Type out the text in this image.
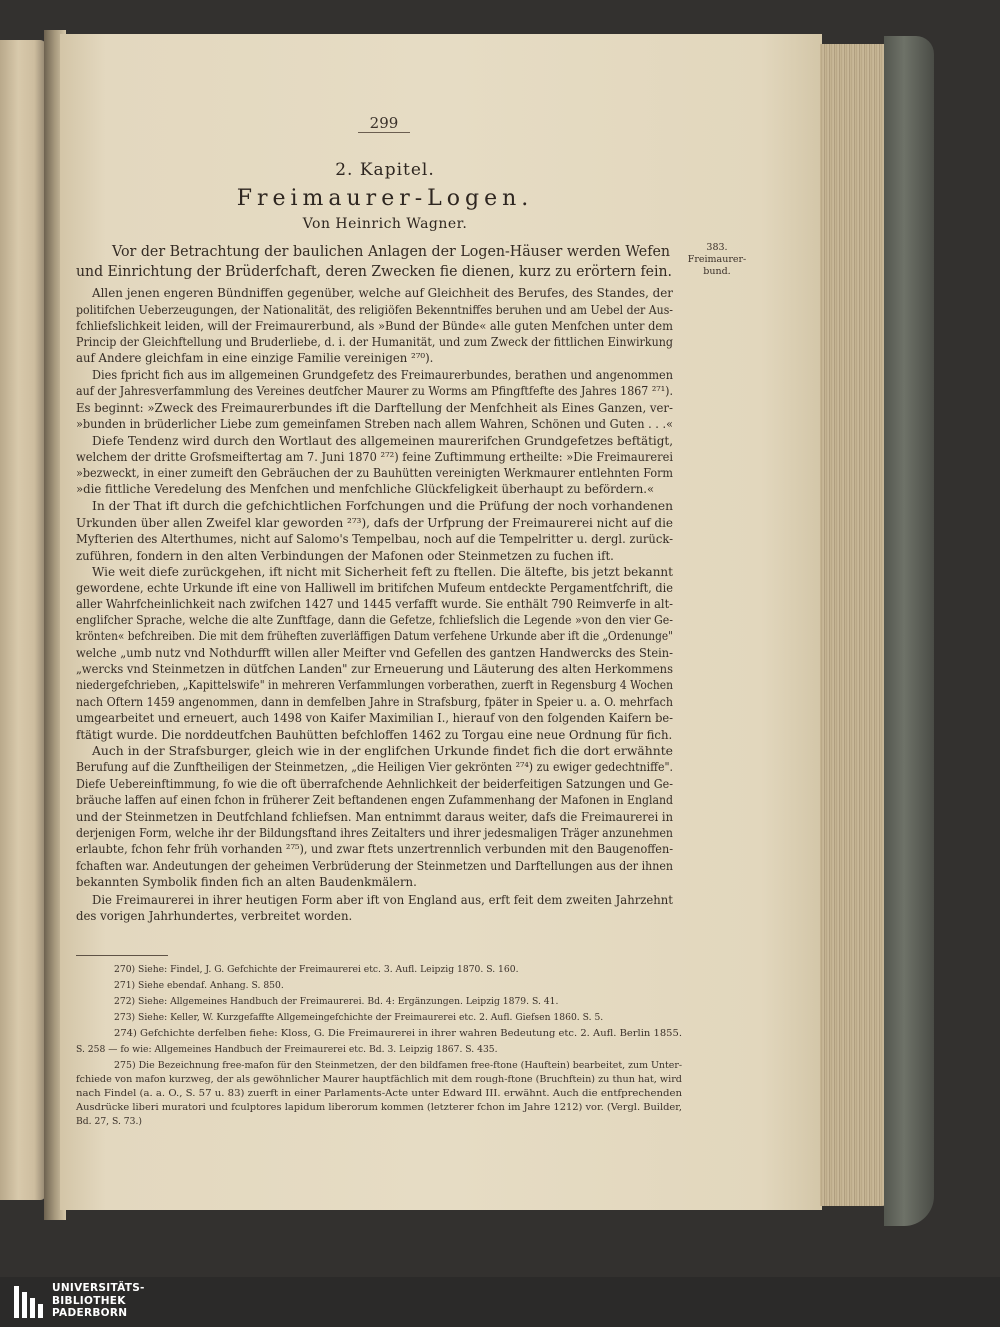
299
2. Kapitel.
Freimaurer-Logen.
Von Heinrich Wagner.
383.
Freimaurer-
bund.
Vor der Betrachtung der baulichen Anlagen der Logen-Häuser werden Wefen
und Einrichtung der Brüderfchaft, deren Zwecken fie dienen, kurz zu erörtern fein.
Allen jenen engeren Bündniffen gegenüber, welche auf Gleichheit des Berufes, des Standes, der
politifchen Ueberzeugungen, der Nationalität, des religiöfen Bekenntniffes beruhen und am Uebel der Aus-
fchliefslichkeit leiden, will der Freimaurerbund, als »Bund der Bünde« alle guten Menfchen unter dem
Princip der Gleichftellung und Bruderliebe, d. i. der Humanität, und zum Zweck der fittlichen Einwirkung
auf Andere gleichfam in eine einzige Familie vereinigen ²⁷⁰).
Dies fpricht fich aus im allgemeinen Grundgefetz des Freimaurerbundes, berathen und angenommen
auf der Jahresverfammlung des Vereines deutfcher Maurer zu Worms am Pfingftfefte des Jahres 1867 ²⁷¹).
Es beginnt: »Zweck des Freimaurerbundes ift die Darftellung der Menfchheit als Eines Ganzen, ver-
»bunden in brüderlicher Liebe zum gemeinfamen Streben nach allem Wahren, Schönen und Guten . . .«
Diefe Tendenz wird durch den Wortlaut des allgemeinen maurerifchen Grundgefetzes beftätigt,
welchem der dritte Grofsmeiftertag am 7. Juni 1870 ²⁷²) feine Zuftimmung ertheilte: »Die Freimaurerei
»bezweckt, in einer zumeift den Gebräuchen der zu Bauhütten vereinigten Werkmaurer entlehnten Form
»die fittliche Veredelung des Menfchen und menfchliche Glückfeligkeit überhaupt zu befördern.«
In der That ift durch die gefchichtlichen Forfchungen und die Prüfung der noch vorhandenen
Urkunden über allen Zweifel klar geworden ²⁷³), dafs der Urfprung der Freimaurerei nicht auf die
Myfterien des Alterthumes, nicht auf Salomo's Tempelbau, noch auf die Tempelritter u. dergl. zurück-
zuführen, fondern in den alten Verbindungen der Mafonen oder Steinmetzen zu fuchen ift.
Wie weit diefe zurückgehen, ift nicht mit Sicherheit feft zu ftellen. Die ältefte, bis jetzt bekannt
gewordene, echte Urkunde ift eine von Halliwell im britifchen Mufeum entdeckte Pergamentfchrift, die
aller Wahrfcheinlichkeit nach zwifchen 1427 und 1445 verfafft wurde. Sie enthält 790 Reimverfe in alt-
englifcher Sprache, welche die alte Zunftfage, dann die Gefetze, fchliefslich die Legende »von den vier Ge-
krönten« befchreiben. Die mit dem früheften zuverläffigen Datum verfehene Urkunde aber ift die „Ordenunge"
welche „umb nutz vnd Nothdurfft willen aller Meifter vnd Gefellen des gantzen Handwercks des Stein-
„wercks vnd Steinmetzen in dütfchen Landen" zur Erneuerung und Läuterung des alten Herkommens
niedergefchrieben, „Kapittelswife" in mehreren Verfammlungen vorberathen, zuerft in Regensburg 4 Wochen
nach Oftern 1459 angenommen, dann in demfelben Jahre in Strafsburg, fpäter in Speier u. a. O. mehrfach
umgearbeitet und erneuert, auch 1498 von Kaifer Maximilian I., hierauf von den folgenden Kaifern be-
ftätigt wurde. Die norddeutfchen Bauhütten befchloffen 1462 zu Torgau eine neue Ordnung für fich.
Auch in der Strafsburger, gleich wie in der englifchen Urkunde findet fich die dort erwähnte
Berufung auf die Zunftheiligen der Steinmetzen, „die Heiligen Vier gekrönten ²⁷⁴) zu ewiger gedechtniffe".
Diefe Uebereinftimmung, fo wie die oft überrafchende Aehnlichkeit der beiderfeitigen Satzungen und Ge-
bräuche laffen auf einen fchon in früherer Zeit beftandenen engen Zufammenhang der Mafonen in England
und der Steinmetzen in Deutfchland fchliefsen. Man entnimmt daraus weiter, dafs die Freimaurerei in
derjenigen Form, welche ihr der Bildungsftand ihres Zeitalters und ihrer jedesmaligen Träger anzunehmen
erlaubte, fchon fehr früh vorhanden ²⁷⁵), und zwar ftets unzertrennlich verbunden mit den Baugenoffen-
fchaften war. Andeutungen der geheimen Verbrüderung der Steinmetzen und Darftellungen aus der ihnen
bekannten Symbolik finden fich an alten Baudenkmälern.
Die Freimaurerei in ihrer heutigen Form aber ift von England aus, erft feit dem zweiten Jahrzehnt
des vorigen Jahrhundertes, verbreitet worden.
270) Siehe: Findel, J. G. Gefchichte der Freimaurerei etc. 3. Aufl. Leipzig 1870. S. 160.
271) Siehe ebendaf. Anhang. S. 850.
272) Siehe: Allgemeines Handbuch der Freimaurerei. Bd. 4: Ergänzungen. Leipzig 1879. S. 41.
273) Siehe: Keller, W. Kurzgefaffte Allgemeingefchichte der Freimaurerei etc. 2. Aufl. Giefsen 1860. S. 5.
274) Gefchichte derfelben fiehe: Kloss, G. Die Freimaurerei in ihrer wahren Bedeutung etc. 2. Aufl. Berlin 1855.
S. 258 — fo wie: Allgemeines Handbuch der Freimaurerei etc. Bd. 3. Leipzig 1867. S. 435.
275) Die Bezeichnung free-mafon für den Steinmetzen, der den bildfamen free-ftone (Hauftein) bearbeitet, zum Unter-
fchiede von mafon kurzweg, der als gewöhnlicher Maurer hauptfächlich mit dem rough-ftone (Bruchftein) zu thun hat, wird
nach Findel (a. a. O., S. 57 u. 83) zuerft in einer Parlaments-Acte unter Edward III. erwähnt. Auch die entfprechenden
Ausdrücke liberi muratori und fculptores lapidum liberorum kommen (letzterer fchon im Jahre 1212) vor. (Vergl. Builder,
Bd. 27, S. 73.)
UNIVERSITÄTS-
BIBLIOTHEK
PADERBORN
